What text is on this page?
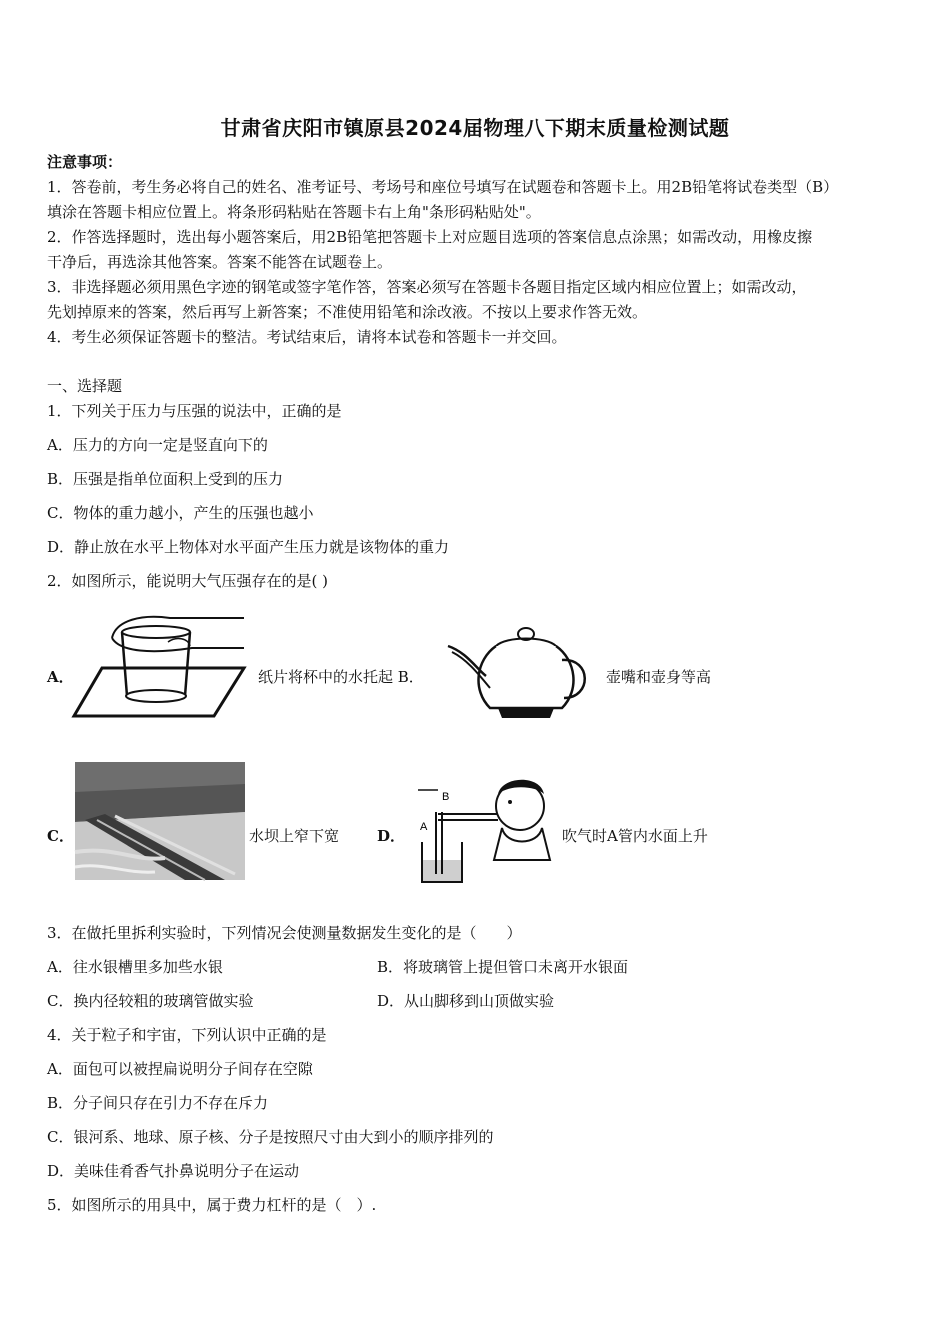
甘肃省庆阳市镇原县2024届物理八下期末质量检测试题
注意事项：
1．答卷前，考生务必将自己的姓名、准考证号、考场号和座位号填写在试题卷和答题卡上。用2B铅笔将试卷类型（B）
填涂在答题卡相应位置上。将条形码粘贴在答题卡右上角"条形码粘贴处"。
2．作答选择题时，选出每小题答案后，用2B铅笔把答题卡上对应题目选项的答案信息点涂黑；如需改动，用橡皮擦
干净后，再选涂其他答案。答案不能答在试题卷上。
3．非选择题必须用黑色字迹的钢笔或签字笔作答，答案必须写在答题卡各题目指定区域内相应位置上；如需改动，
先划掉原来的答案，然后再写上新答案；不准使用铅笔和涂改液。不按以上要求作答无效。
4．考生必须保证答题卡的整洁。考试结束后，请将本试卷和答题卡一并交回。
一、选择题
1．下列关于压力与压强的说法中，正确的是
A．压力的方向一定是竖直向下的
B．压强是指单位面积上受到的压力
C．物体的重力越小，产生的压强也越小
D．静止放在水平上物体对水平面产生压力就是该物体的重力
2．如图所示，能说明大气压强存在的是( )
A．	纸片将杯中的水托起 B．	壶嘴和壶身等高
C．	水坝上窄下宽	D．
B
A	吹气时A管内水面上升
3．在做托里拆利实验时，下列情况会使测量数据发生变化的是（　　）
A．往水银槽里多加些水银	B．将玻璃管上提但管口未离开水银面
C．换内径较粗的玻璃管做实验	D．从山脚移到山顶做实验
4．关于粒子和宇宙，下列认识中正确的是
A．面包可以被捏扁说明分子间存在空隙
B．分子间只存在引力不存在斥力
C．银河系、地球、原子核、分子是按照尺寸由大到小的顺序排列的
D．美味佳肴香气扑鼻说明分子在运动
5．如图所示的用具中，属于费力杠杆的是（　）.
